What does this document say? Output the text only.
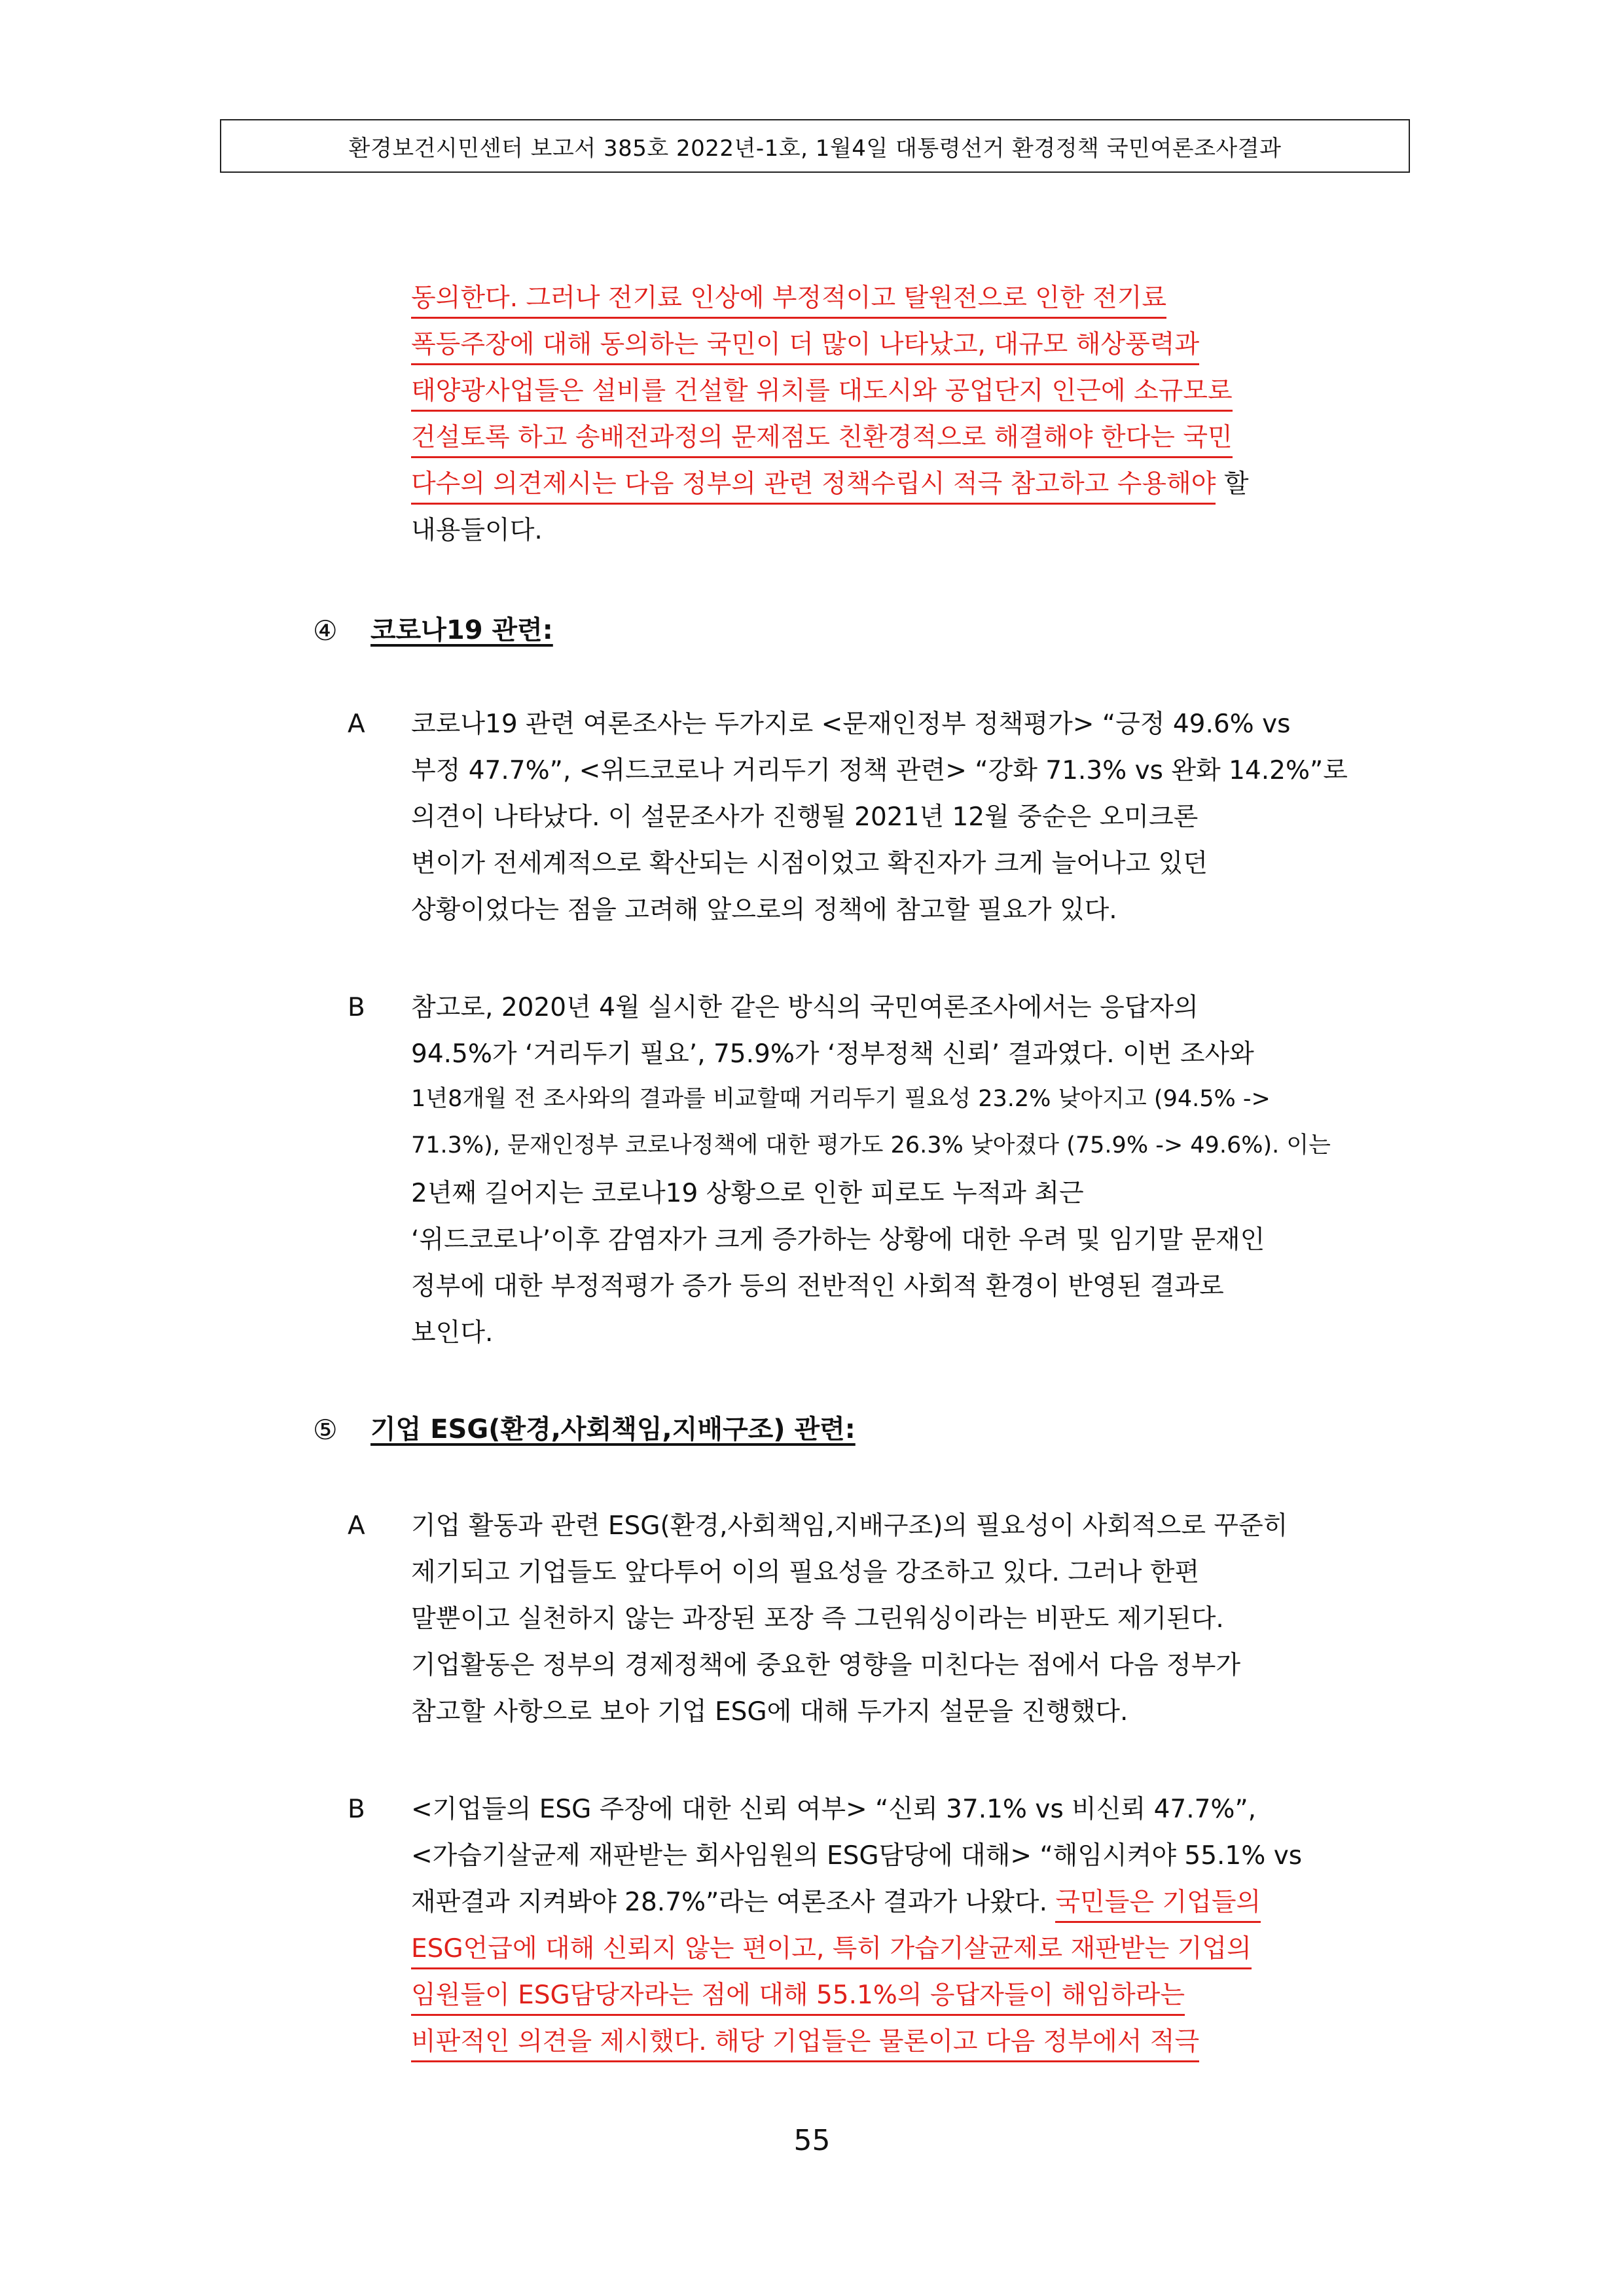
환경보건시민센터 보고서 385호 2022년-1호, 1월4일 대통령선거 환경정책 국민여론조사결과
동의한다. 그러나 전기료 인상에 부정적이고 탈원전으로 인한 전기료
폭등주장에 대해 동의하는 국민이 더 많이 나타났고, 대규모 해상풍력과
태양광사업들은 설비를 건설할 위치를 대도시와 공업단지 인근에 소규모로
건설토록 하고 송배전과정의 문제점도 친환경적으로 해결해야 한다는 국민
다수의 의견제시는 다음 정부의 관련 정책수립시 적극 참고하고 수용해야 할
내용들이다.
④ 코로나19 관련:
A 코로나19 관련 여론조사는 두가지로 <문재인정부 정책평가> “긍정 49.6% vs
부정 47.7%”, <위드코로나 거리두기 정책 관련> “강화 71.3% vs 완화 14.2%”로
의견이 나타났다. 이 설문조사가 진행될 2021년 12월 중순은 오미크론
변이가 전세계적으로 확산되는 시점이었고 확진자가 크게 늘어나고 있던
상황이었다는 점을 고려해 앞으로의 정책에 참고할 필요가 있다.
B 참고로, 2020년 4월 실시한 같은 방식의 국민여론조사에서는 응답자의
94.5%가 ‘거리두기 필요’, 75.9%가 ‘정부정책 신뢰’ 결과였다. 이번 조사와
1년8개월 전 조사와의 결과를 비교할때 거리두기 필요성 23.2% 낮아지고 (94.5% ->
71.3%), 문재인정부 코로나정책에 대한 평가도 26.3% 낮아졌다 (75.9% -> 49.6%). 이는
2년째 길어지는 코로나19 상황으로 인한 피로도 누적과 최근
‘위드코로나’이후 감염자가 크게 증가하는 상황에 대한 우려 및 임기말 문재인
정부에 대한 부정적평가 증가 등의 전반적인 사회적 환경이 반영된 결과로
보인다.
⑤ 기업 ESG(환경,사회책임,지배구조) 관련:
A 기업 활동과 관련 ESG(환경,사회책임,지배구조)의 필요성이 사회적으로 꾸준히
제기되고 기업들도 앞다투어 이의 필요성을 강조하고 있다. 그러나 한편
말뿐이고 실천하지 않는 과장된 포장 즉 그린워싱이라는 비판도 제기된다.
기업활동은 정부의 경제정책에 중요한 영향을 미친다는 점에서 다음 정부가
참고할 사항으로 보아 기업 ESG에 대해 두가지 설문을 진행했다.
B <기업들의 ESG 주장에 대한 신뢰 여부> “신뢰 37.1% vs 비신뢰 47.7%”,
<가습기살균제 재판받는 회사임원의 ESG담당에 대해> “해임시켜야 55.1% vs
재판결과 지켜봐야 28.7%”라는 여론조사 결과가 나왔다. 국민들은 기업들의
ESG언급에 대해 신뢰지 않는 편이고, 특히 가습기살균제로 재판받는 기업의
임원들이 ESG담당자라는 점에 대해 55.1%의 응답자들이 해임하라는
비판적인 의견을 제시했다. 해당 기업들은 물론이고 다음 정부에서 적극
55
